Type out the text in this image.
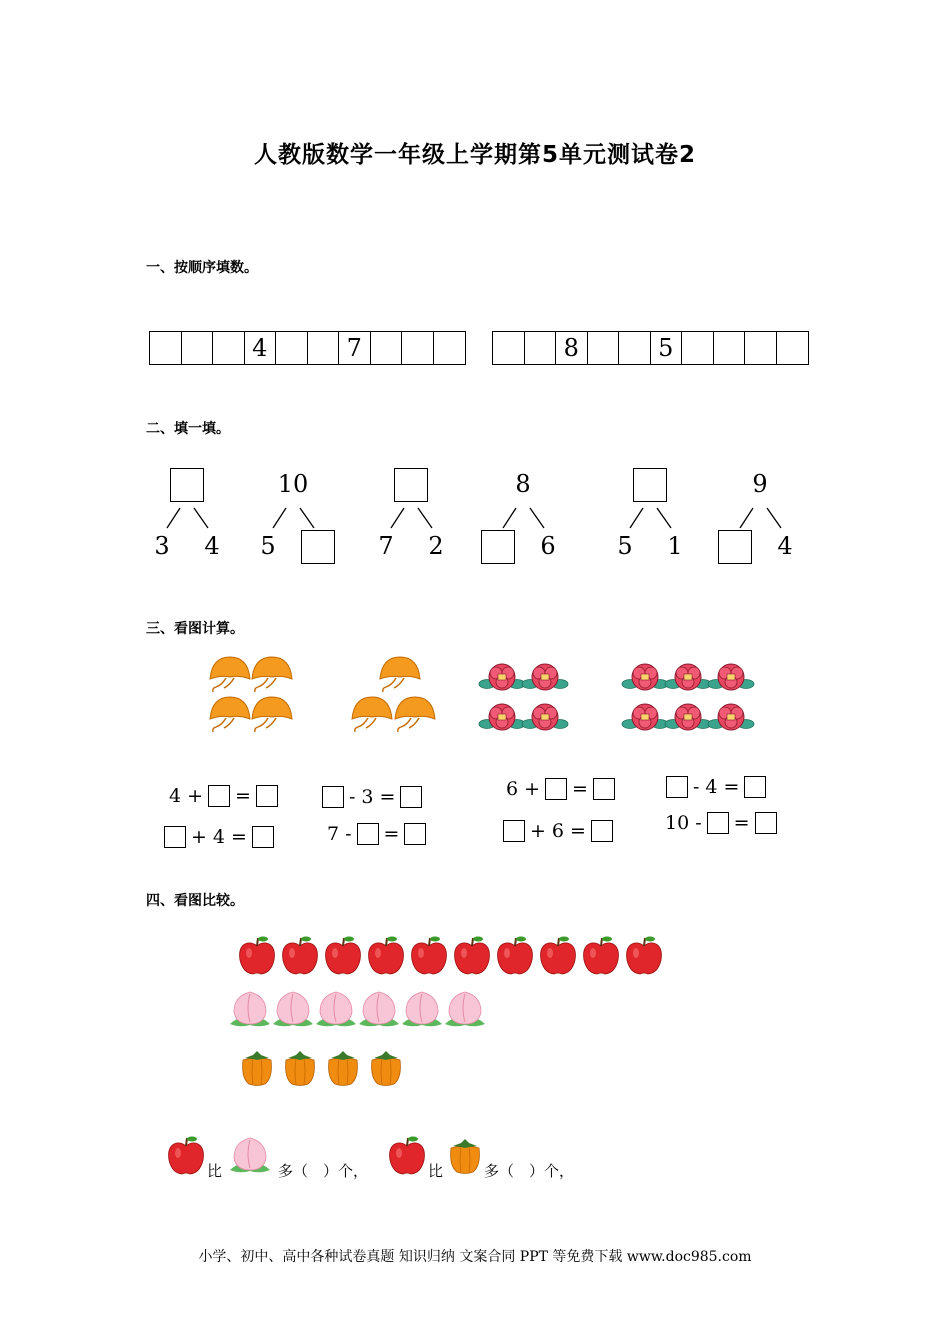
人教版数学一年级上学期第5单元测试卷2
一、按顺序填数。
4	7	8	5
二、填一填。
3	4
10
5	7	2
8
6	5	1
9
4
三、看图计算。
4 + =
+ 4 =
- 3 =
7 - =
6 + =
+ 6 =
- 4 =
10 - =
四、看图比较。
比	多（　）个，	比	多（　）个，
小学、初中、高中各种试卷真题 知识归纳 文案合同 PPT 等免费下载 www.doc985.com
